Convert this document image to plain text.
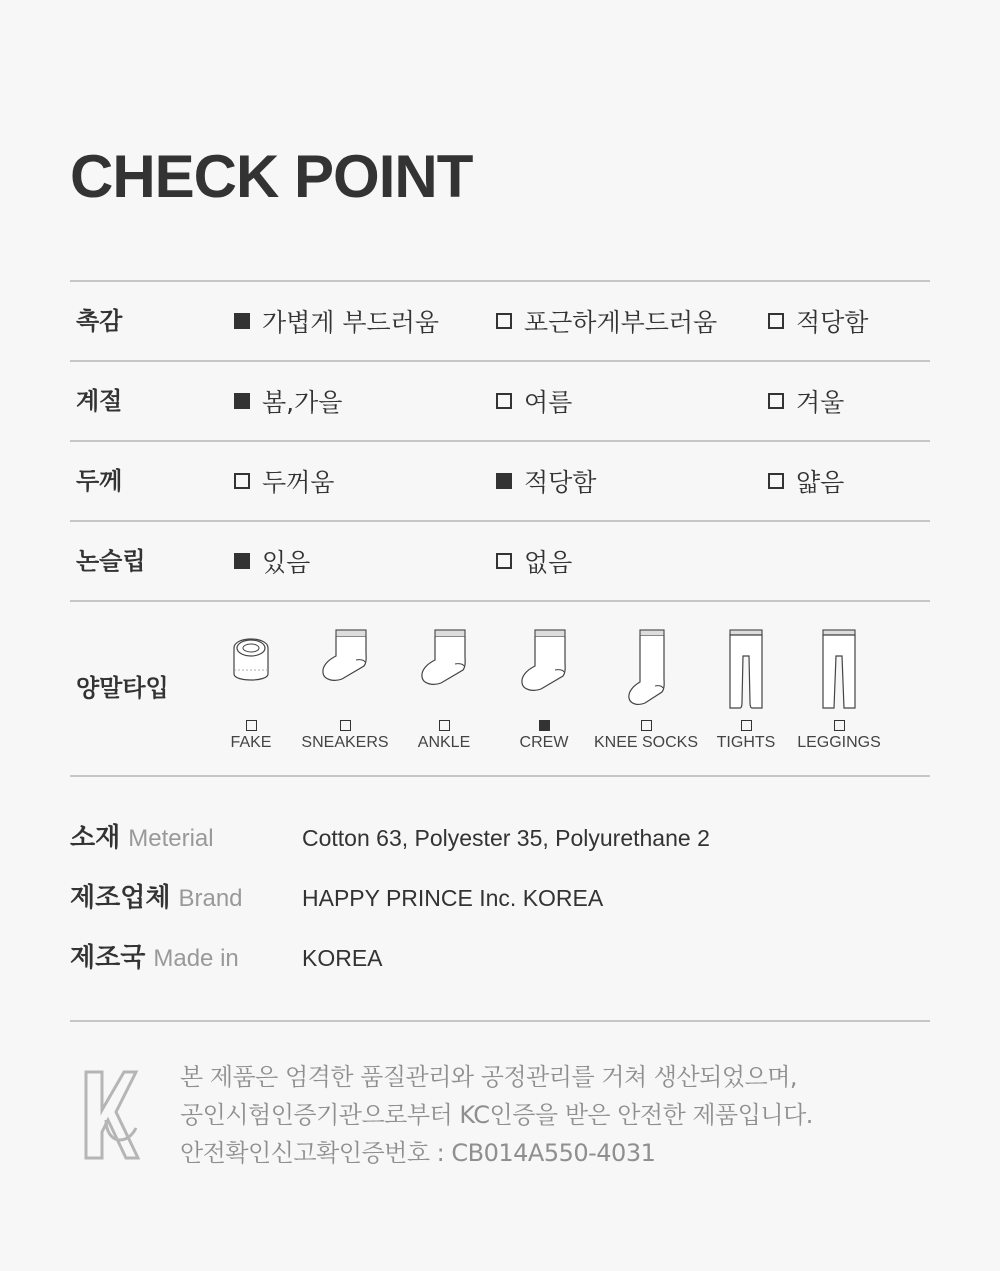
CHECK POINT
촉감	가볍게 부드러움	포근하게부드러움	적당함
계절	봄,가을	여름	겨울
두께	두꺼움	적당함	얇음
논슬립	있음	없음
양말타입
FAKE	SNEAKERS	ANKLE	CREW	KNEE SOCKS	TIGHTS	LEGGINGS
소재 Meterial	Cotton 63, Polyester 35, Polyurethane 2
제조업체 Brand	HAPPY PRINCE Inc. KOREA
제조국 Made in	KOREA
본 제품은 엄격한 품질관리와 공정관리를 거쳐 생산되었으며,
공인시험인증기관으로부터 KC인증을 받은 안전한 제품입니다.
안전확인신고확인증번호 : CB014A550-4031
